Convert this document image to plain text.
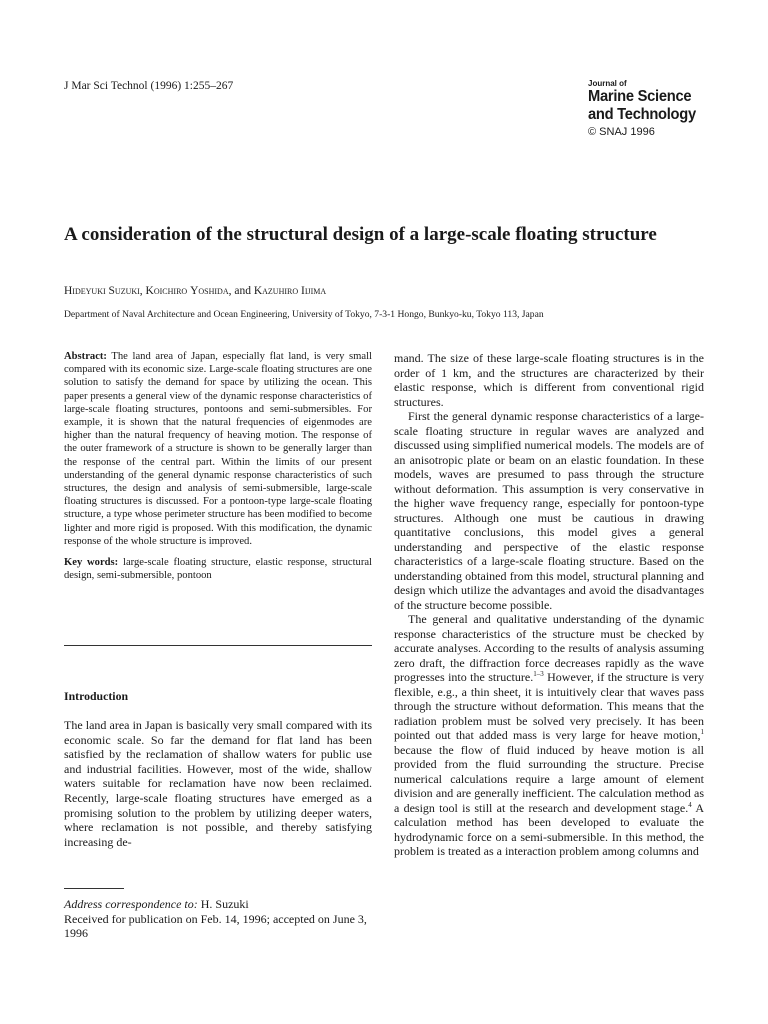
J Mar Sci Technol (1996) 1:255–267	Journal of
Marine Science
and Technology
© SNAJ 1996
A consideration of the structural design of a large-scale floating structure
Hideyuki Suzuki, Koichiro Yoshida, and Kazuhiro Iijima
Department of Naval Architecture and Ocean Engineering, University of Tokyo, 7-3-1 Hongo, Bunkyo-ku, Tokyo 113, Japan

Abstract: The land area of Japan, especially flat land, is very small compared with its economic size. Large-scale floating structures are one solution to satisfy the demand for space by utilizing the ocean. This paper presents a general view of the dynamic response characteristics of large-scale floating structures, pontoons and semi-submersibles. For example, it is shown that the natural frequencies of eigenmodes are higher than the natural frequency of heaving motion. The response of the outer framework of a structure is shown to be generally larger than the response of the central part. Within the limits of our present understanding of the general dynamic response characteristics of such structures, the design and analysis of semi-submersible, large-scale floating structures is discussed. For a pontoon-type large-scale floating structure, a type whose perimeter structure has been modified to become lighter and more rigid is proposed. With this modification, the dynamic response of the whole structure is improved.

Key words: large-scale floating structure, elastic response, structural design, semi-submersible, pontoon

Introduction

The land area in Japan is basically very small compared with its economic scale. So far the demand for flat land has been satisfied by the reclamation of shallow waters for public use and industrial facilities. However, most of the wide, shallow waters suitable for reclamation have now been reclaimed. Recently, large-scale floating structures have emerged as a promising solution to the problem by utilizing deeper waters, where reclamation is not possible, and thereby satisfying increasing de-

Address correspondence to: H. Suzuki

Received for publication on Feb. 14, 1996; accepted on June 3, 1996

mand. The size of these large-scale floating structures is in the order of 1 km, and the structures are characterized by their elastic response, which is different from conventional rigid structures.

First the general dynamic response characteristics of a large-scale floating structure in regular waves are analyzed and discussed using simplified numerical models. The models are of an anisotropic plate or beam on an elastic foundation. In these models, waves are presumed to pass through the structure without deformation. This assumption is very conservative in the higher wave frequency range, especially for pontoon-type structures. Although one must be cautious in drawing quantitative conclusions, this model gives a general understanding and perspective of the elastic response characteristics of a large-scale floating structure. Based on the understanding obtained from this model, structural planning and design which utilize the advantages and avoid the disadvantages of the structure become possible.

The general and qualitative understanding of the dynamic response characteristics of the structure must be checked by accurate analyses. According to the results of analysis assuming zero draft, the diffraction force decreases rapidly as the wave progresses into the structure.$^{1-3}$ However, if the structure is very flexible, e.g., a thin sheet, it is intuitively clear that waves pass through the structure without deformation. This means that the radiation problem must be solved very precisely. It has been pointed out that added mass is very large for heave motion,$^1$ because the flow of fluid induced by heave motion is all provided from the fluid surrounding the structure. Precise numerical calculations require a large amount of element division and are generally inefficient. The calculation method as a design tool is still at the research and development stage.$^4$ A calculation method has been developed to evaluate the hydrodynamic force on a semi-submersible. In this method, the problem is treated as a interaction problem among columns and
